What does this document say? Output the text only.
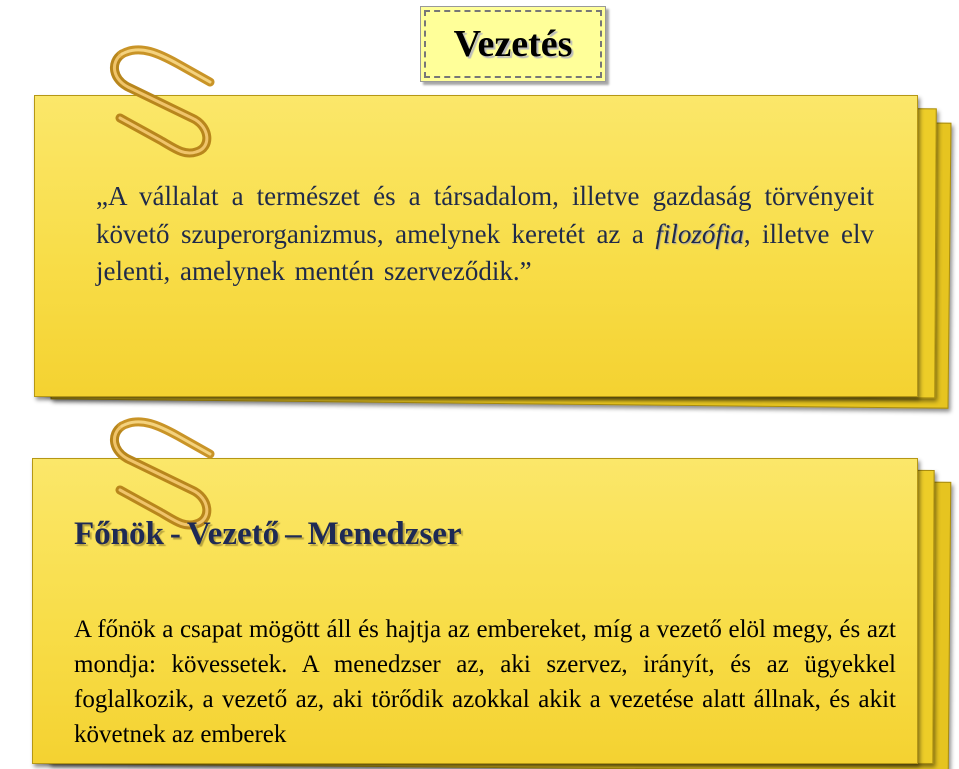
Vezetés

„A vállalat a természet és a társadalom, illetve gazdaság törvényeit követő szuperorganizmus, amelynek keretét az a filozófia, illetve elv jelenti, amelynek mentén szerveződik.”

Főnök - Vezető – Menedzser

A főnök a csapat mögött áll és hajtja az embereket, míg a vezető elöl megy, és azt mondja: kövessetek. A menedzser az, aki szervez, irányít, és az ügyekkel foglalkozik, a vezető az, aki törődik azokkal akik a vezetése alatt állnak, és akit követnek az emberek
